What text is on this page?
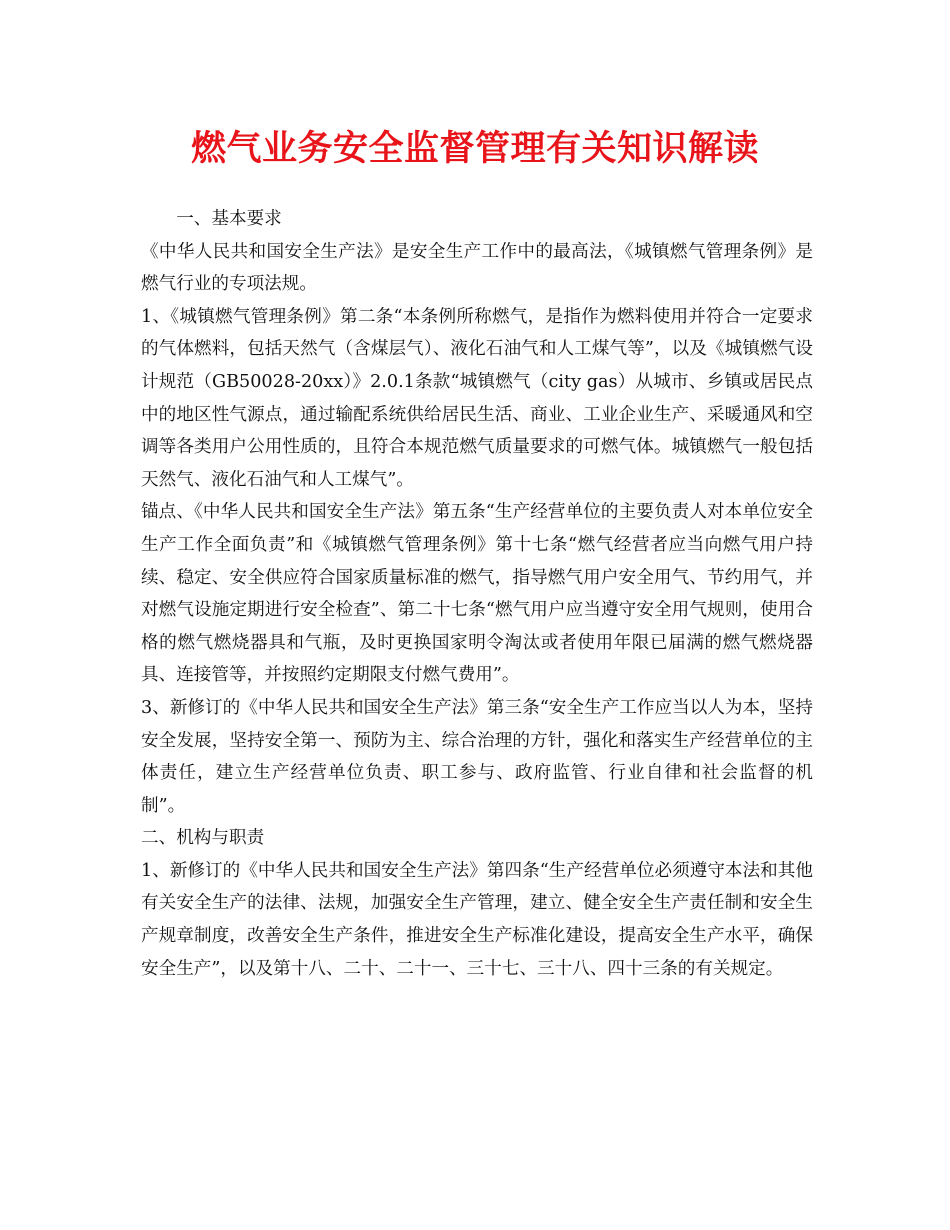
燃气业务安全监督管理有关知识解读

一、基本要求

《中华人民共和国安全生产法》是安全生产工作中的最高法，《城镇燃气管理条例》是燃气行业的专项法规。

1、《城镇燃气管理条例》第二条“本条例所称燃气，是指作为燃料使用并符合一定要求的气体燃料，包括天然气（含煤层气）、液化石油气和人工煤气等”，以及《城镇燃气设计规范（GB50028-20xx）》2.0.1条款“城镇燃气（city gas）从城市、乡镇或居民点中的地区性气源点，通过输配系统供给居民生活、商业、工业企业生产、采暖通风和空调等各类用户公用性质的，且符合本规范燃气质量要求的可燃气体。城镇燃气一般包括天然气、液化石油气和人工煤气”。

锚点、《中华人民共和国安全生产法》第五条“生产经营单位的主要负责人对本单位安全生产工作全面负责”和《城镇燃气管理条例》第十七条“燃气经营者应当向燃气用户持续、稳定、安全供应符合国家质量标准的燃气，指导燃气用户安全用气、节约用气，并对燃气设施定期进行安全检查”、第二十七条“燃气用户应当遵守安全用气规则，使用合格的燃气燃烧器具和气瓶，及时更换国家明令淘汰或者使用年限已届满的燃气燃烧器具、连接管等，并按照约定期限支付燃气费用”。

3、新修订的《中华人民共和国安全生产法》第三条“安全生产工作应当以人为本，坚持安全发展，坚持安全第一、预防为主、综合治理的方针，强化和落实生产经营单位的主体责任，建立生产经营单位负责、职工参与、政府监管、行业自律和社会监督的机制”。

二、机构与职责

1、新修订的《中华人民共和国安全生产法》第四条“生产经营单位必须遵守本法和其他有关安全生产的法律、法规，加强安全生产管理，建立、健全安全生产责任制和安全生产规章制度，改善安全生产条件，推进安全生产标准化建设，提高安全生产水平，确保安全生产”，以及第十八、二十、二十一、三十七、三十八、四十三条的有关规定。
